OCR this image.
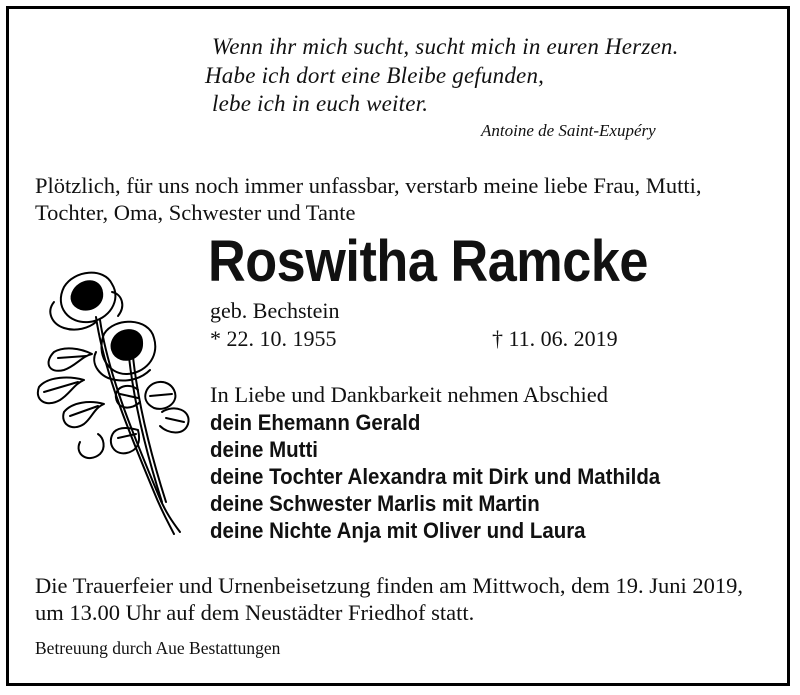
Wenn ihr mich sucht, sucht mich in euren Herzen.
Habe ich dort eine Bleibe gefunden,
lebe ich in euch weiter.
Antoine de Saint-Exupéry
Plötzlich, für uns noch immer unfassbar, verstarb meine liebe Frau, Mutti,
Tochter, Oma, Schwester und Tante
Roswitha Ramcke
geb. Bechstein
* 22. 10. 1955	† 11. 06. 2019
In Liebe und Dankbarkeit nehmen Abschied
dein Ehemann Gerald
deine Mutti
deine Tochter Alexandra mit Dirk und Mathilda
deine Schwester Marlis mit Martin
deine Nichte Anja mit Oliver und Laura
Die Trauerfeier und Urnenbeisetzung finden am Mittwoch, dem 19. Juni 2019,
um 13.00 Uhr auf dem Neustädter Friedhof statt.
Betreuung durch Aue Bestattungen
